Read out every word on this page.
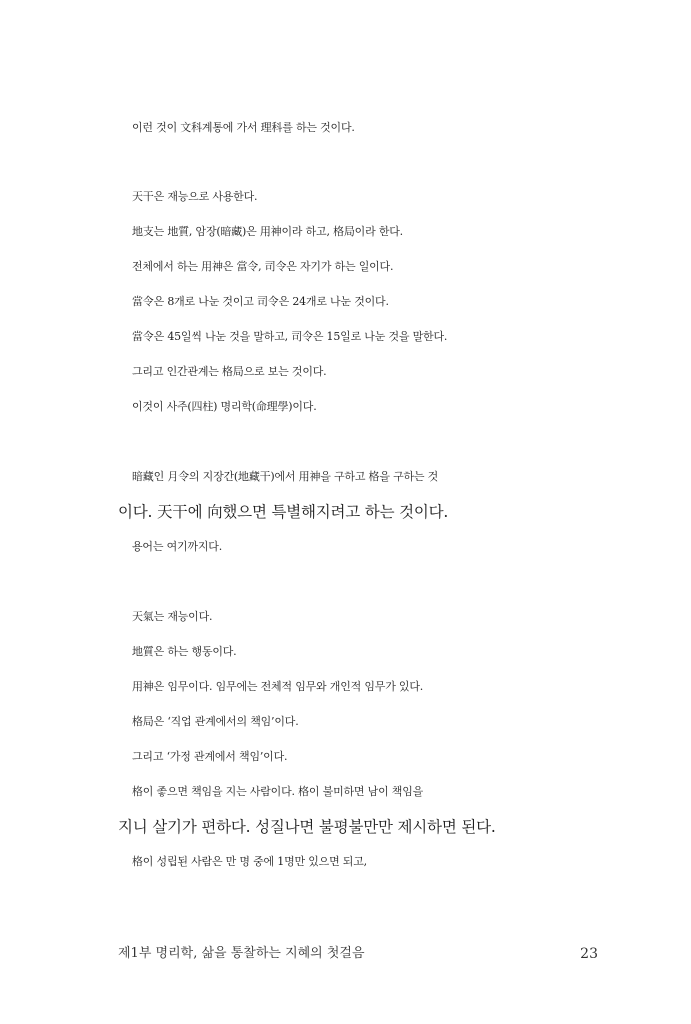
이런 것이 文科계통에 가서 理科를 하는 것이다.
天干은 재능으로 사용한다.
地支는 地質, 암장(暗藏)은 用神이라 하고, 格局이라 한다.
전체에서 하는 用神은 當令, 司令은 자기가 하는 일이다.
當令은 8개로 나눈 것이고 司令은 24개로 나눈 것이다.
當令은 45일씩 나눈 것을 말하고, 司令은 15일로 나눈 것을 말한다.
그리고 인간관계는 格局으로 보는 것이다.
이것이 사주(四柱) 명리학(命理學)이다.
暗藏인 月令의 지장간(地藏干)에서 用神을 구하고 格을 구하는 것
이다. 天干에 向했으면 특별해지려고 하는 것이다.
용어는 여기까지다.
天氣는 재능이다.
地質은 하는 행동이다.
用神은 임무이다. 임무에는 전체적 임무와 개인적 임무가 있다.
格局은 ‘직업 관계에서의 책임’이다.
그리고 ‘가정 관계에서 책임’이다.
格이 좋으면 책임을 지는 사람이다. 格이 불미하면 남이 책임을
지니 살기가 편하다. 성질나면 불평불만만 제시하면 된다.
格이 성립된 사람은 만 명 중에 1명만 있으면 되고,
제1부 명리학, 삶을 통찰하는 지혜의 첫걸음	23
